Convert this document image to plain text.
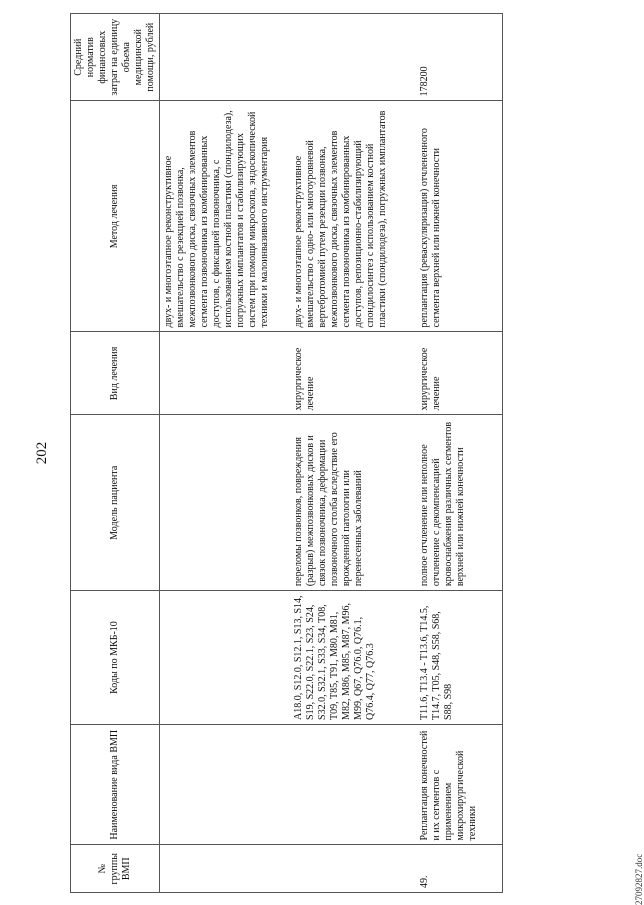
202
№ группы ВМП	Наименование вида ВМП	Коды по МКБ-10	Модель пациента	Вид лечения	Метод лечения	Средний норматив финансовых затрат на единицу объема медицинской помощи, рублей
					двух- и многоэтапное реконструктивное вмешательство с резекцией позвонка, межпозвонкового диска, связочных элементов сегмента позвоночника из комбинированных доступов, с фиксацией позвоночника, с использованием костной пластики (спондилодеза), погружных имплантатов и стабилизирующих систем при помощи микроскопа, эндоскопической техники и малоинвазивного инструментария	
		A18.0, S12.0, S12.1, S13, S14, S19, S22.0, S22.1, S23, S24, S32.0, S32.1, S33, S34, T08, T09, T85, T91, M80, M81, M82, M86, M85, M87, M96, M99, Q67, Q76.0, Q76.1, Q76.4, Q77, Q76.3	переломы позвонков, повреждения (разрыв) межпозвонковых дисков и связок позвоночника, деформации позвоночного столба вследствие его врожденной патологии или перенесенных заболеваний	хирургическое лечение	двух- и многоэтапное реконструктивное вмешательство с одно- или многоуровневой вертебротомией путем резекции позвонка, межпозвонкового диска, связочных элементов сегмента позвоночника из комбинированных доступов, репозиционно-стабилизирующий спондилосинтез с использованием костной пластики (спондилодеза), погружных имплантатов	
49.	Реплантация конечностей и их сегментов с применением микрохирургической техники	T11.6, T13.4 - T13.6, T14.5, T14.7, T05, S48, S58, S68, S88, S98	полное отчленение или неполное отчленение с декомпенсацией кровоснабжения различных сегментов верхней или нижней конечности	хирургическое лечение	реплантация (реваскуляризация) отчлененного сегмента верхней или нижней конечности	178200
27092827.doc
